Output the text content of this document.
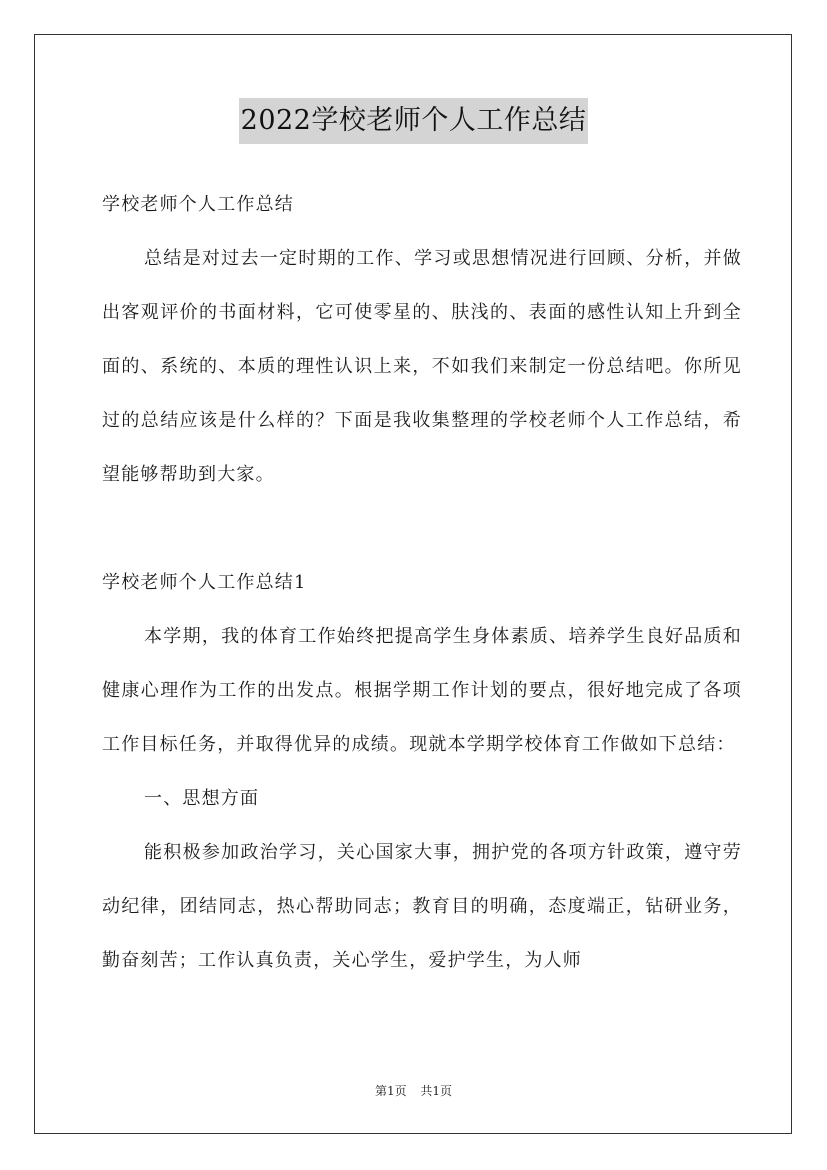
2022学校老师个人工作总结

学校老师个人工作总结

总结是对过去一定时期的工作、学习或思想情况进行回顾、分析，并做出客观评价的书面材料，它可使零星的、肤浅的、表面的感性认知上升到全面的、系统的、本质的理性认识上来，不如我们来制定一份总结吧。你所见过的总结应该是什么样的？下面是我收集整理的学校老师个人工作总结，希望能够帮助到大家。

学校老师个人工作总结1

本学期，我的体育工作始终把提高学生身体素质、培养学生良好品质和健康心理作为工作的出发点。根据学期工作计划的要点，很好地完成了各项工作目标任务，并取得优异的成绩。现就本学期学校体育工作做如下总结：

一、思想方面

能积极参加政治学习，关心国家大事，拥护党的各项方针政策，遵守劳动纪律，团结同志，热心帮助同志；教育目的明确，态度端正，钻研业务，勤奋刻苦；工作认真负责，关心学生，爱护学生，为人师

第1页 共1页
